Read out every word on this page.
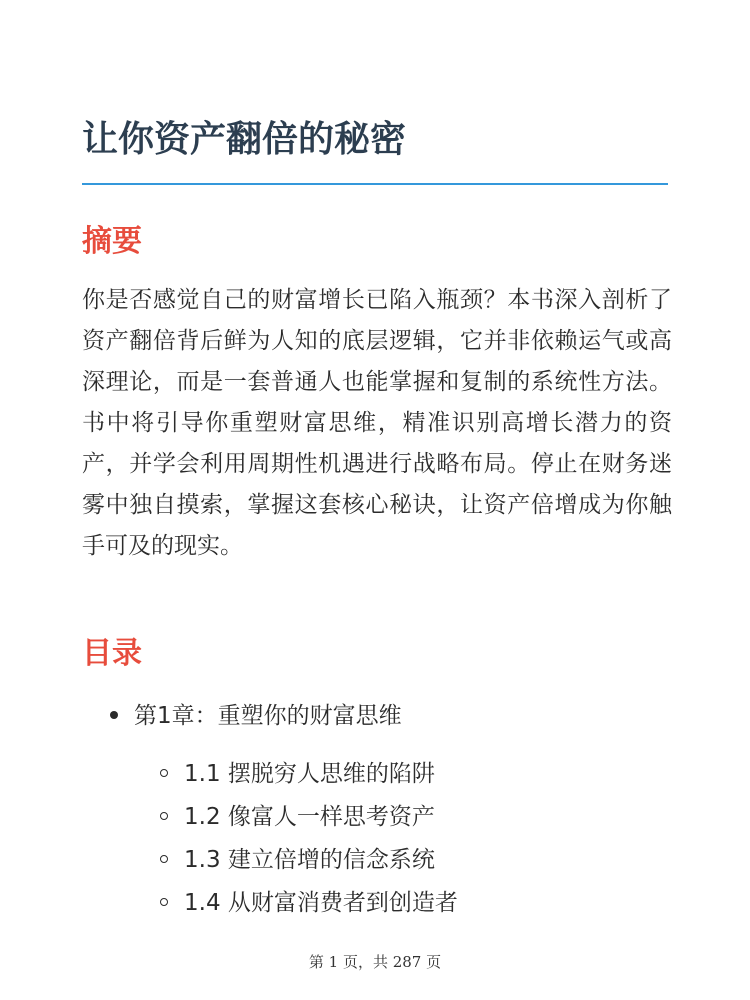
让你资产翻倍的秘密
摘要

你是否感觉自己的财富增长已陷入瓶颈？本书深入剖析了资产翻倍背后鲜为人知的底层逻辑，它并非依赖运气或高深理论，而是一套普通人也能掌握和复制的系统性方法。书中将引导你重塑财富思维，精准识别高增长潜力的资产，并学会利用周期性机遇进行战略布局。停止在财务迷雾中独自摸索，掌握这套核心秘诀，让资产倍增成为你触手可及的现实。

目录
第1章：重塑你的财富思维
1.1 摆脱穷人思维的陷阱
1.2 像富人一样思考资产
1.3 建立倍增的信念系统
1.4 从财富消费者到创造者
第 1 页，共 287 页
